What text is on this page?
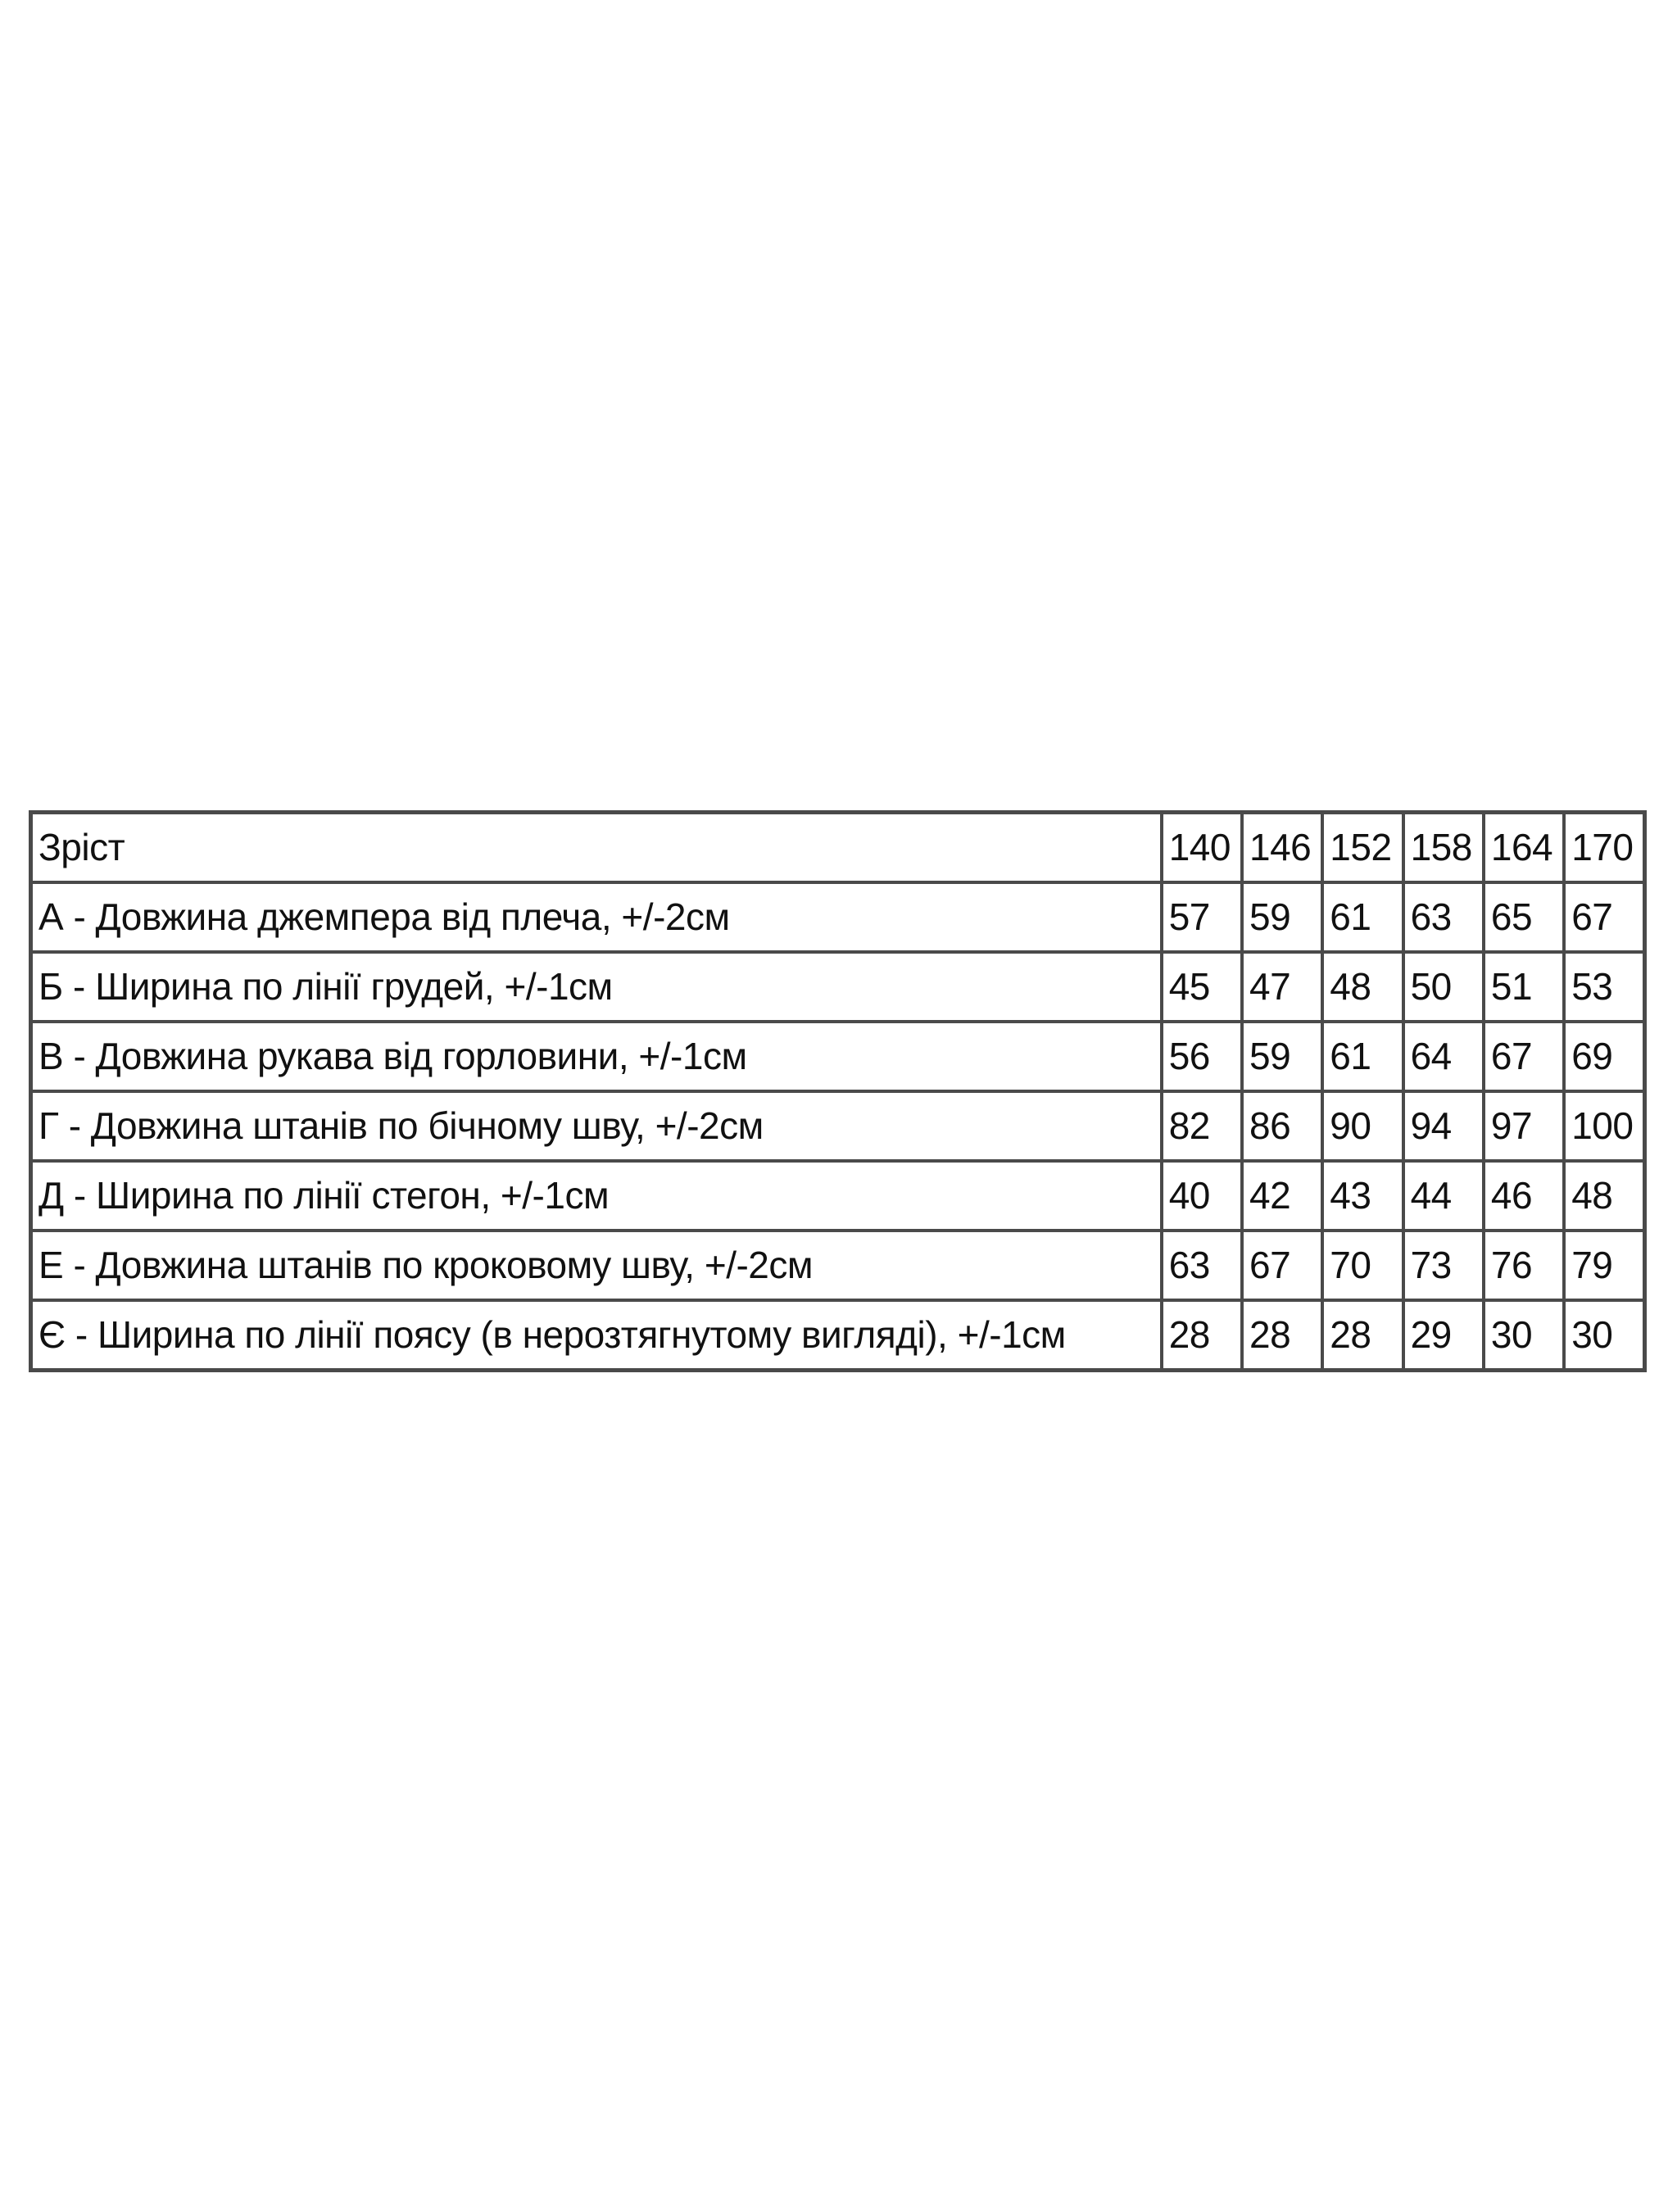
Зріст	140	146	152	158	164	170
А - Довжина джемпера від плеча, +/-2см	57	59	61	63	65	67
Б - Ширина по лінії грудей, +/-1см	45	47	48	50	51	53
В - Довжина рукава від горловини, +/-1см	56	59	61	64	67	69
Г - Довжина штанів по бічному шву, +/-2см	82	86	90	94	97	100
Д - Ширина по лінії стегон, +/-1см	40	42	43	44	46	48
Е - Довжина штанів по кроковому шву, +/-2см	63	67	70	73	76	79
Є - Ширина по лінії поясу (в нерозтягнутому вигляді), +/-1см	28	28	28	29	30	30
